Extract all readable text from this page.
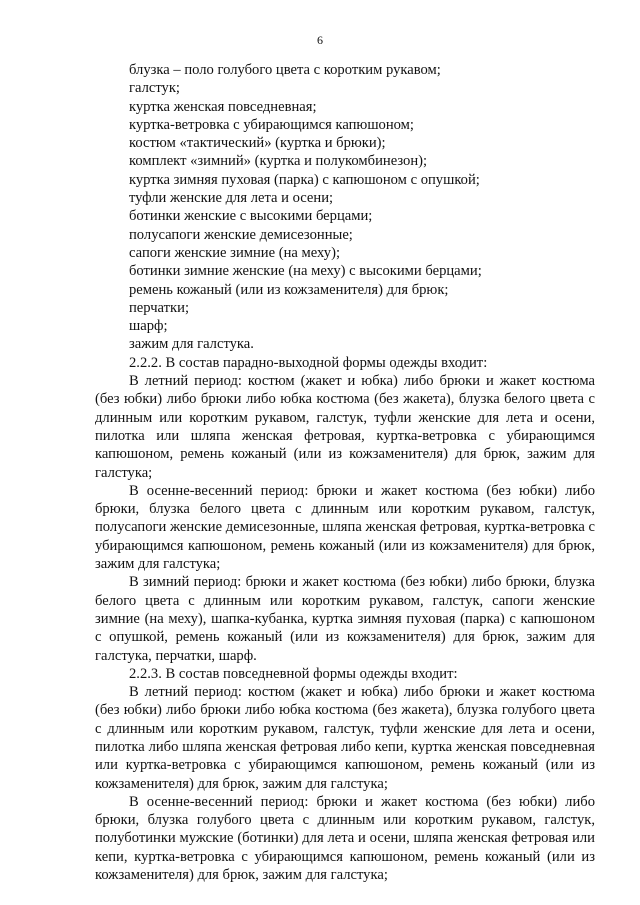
6
блузка – поло голубого цвета с коротким рукавом;
галстук;
куртка женская повседневная;
куртка-ветровка с убирающимся капюшоном;
костюм «тактический» (куртка и брюки);
комплект «зимний» (куртка и полукомбинезон);
куртка зимняя пуховая (парка) с капюшоном с опушкой;
туфли женские для лета и осени;
ботинки женские с высокими берцами;
полусапоги женские демисезонные;
сапоги женские зимние (на меху);
ботинки зимние женские (на меху) с высокими берцами;
ремень кожаный (или из кожзаменителя) для брюк;
перчатки;
шарф;
зажим для галстука.

2.2.2. В состав парадно-выходной формы одежды входит:

В летний период: костюм (жакет и юбка) либо брюки и жакет костюма (без юбки) либо брюки либо юбка костюма (без жакета), блузка белого цвета с длинным или коротким рукавом, галстук, туфли женские для лета и осени, пилотка или шляпа женская фетровая, куртка-ветровка с убирающимся капюшоном, ремень кожаный (или из кожзаменителя) для брюк, зажим для галстука;

В осенне-весенний период: брюки и жакет костюма (без юбки) либо брюки, блузка белого цвета с длинным или коротким рукавом, галстук, полусапоги женские демисезонные, шляпа женская фетровая, куртка-ветровка с убирающимся капюшоном, ремень кожаный (или из кожзаменителя) для брюк, зажим для галстука;

В зимний период: брюки и жакет костюма (без юбки) либо брюки, блузка белого цвета с длинным или коротким рукавом, галстук, сапоги женские зимние (на меху), шапка-кубанка, куртка зимняя пуховая (парка) с капюшоном с опушкой, ремень кожаный (или из кожзаменителя) для брюк, зажим для галстука, перчатки, шарф.

2.2.3. В состав повседневной формы одежды входит:

В летний период: костюм (жакет и юбка) либо брюки и жакет костюма (без юбки) либо брюки либо юбка костюма (без жакета), блузка голубого цвета с длинным или коротким рукавом, галстук, туфли женские для лета и осени, пилотка либо шляпа женская фетровая либо кепи, куртка женская повседневная или куртка-ветровка с убирающимся капюшоном, ремень кожаный (или из кожзаменителя) для брюк, зажим для галстука;

В осенне-весенний период: брюки и жакет костюма (без юбки) либо брюки, блузка голубого цвета с длинным или коротким рукавом, галстук, полуботинки мужские (ботинки) для лета и осени, шляпа женская фетровая или кепи, куртка-ветровка с убирающимся капюшоном, ремень кожаный (или из кожзаменителя) для брюк, зажим для галстука;
